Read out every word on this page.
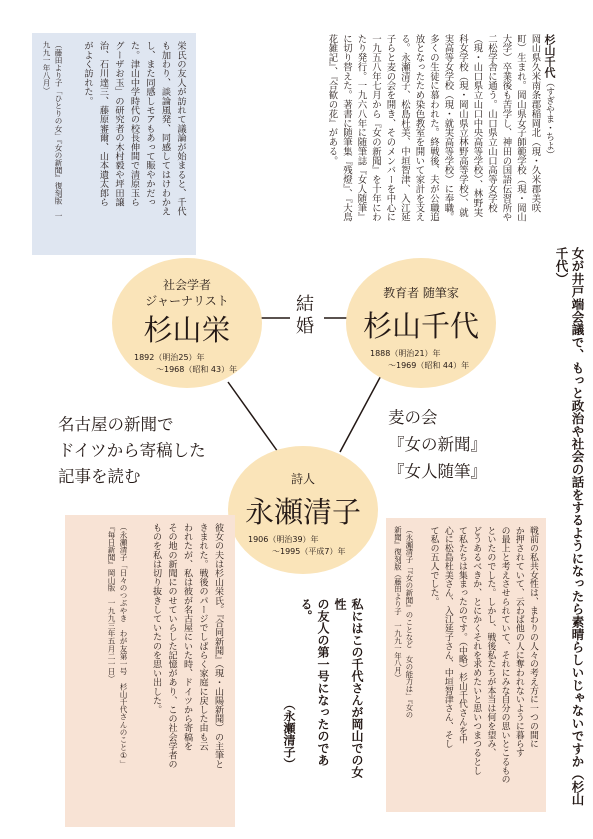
女が井戸端会議で、もっと政治や社会の話をするようになったら素晴らしいじゃないですか（杉山千代）
杉山千代（すぎやま・ちよ）
岡山県久米南条郡稲岡北（現・久米郡美咲
町）生まれ。岡山県女子師範学校（現・岡山
大学）卒業後も苦学し、神田の国語伝習所や
二松学舎に通う。山口県立山口高等女学校
（現・山口県立山口中央高等学校）、林野実
科女学校（現・岡山県立林野高等学校）、就
実高等女学校（現・就実高等学校）に奉職。
多くの生徒に慕われた。終戦後、夫が公職追
放となったため染色教室を開いて家計を支え
る。永瀬清子、松島杜美、中垣智津、入江延
子らと麦の会を開き、そのメンバーを中心に
一九五八年七月から『女の新聞』を十年にわ
たり発行。一九六八年に随筆誌『女人随筆』
に切り替えた。著書に随筆集『残燈』、『大鳥
花雑記』、『合歓の花』がある。
栄氏の友人が訪れて議論が始まると、千代
も加わり、談論風発、同感してはけわかえ
し、また同感しモアもあって賑やかだっ
た。津山中学時代の校長伸間で清原玉ら
グーザお玉」の研究者の木村毅や坪田譲
治、石川達三、藤原審爾、山本遺太郎ら
がよく訪れた。
（藤田より子「ひとりの女」『女の新聞』復刻版　一
九九一年八月）
社会学者
ジャーナリスト
杉山栄
1892（明治25）年
～1968（昭和 43）年
結
婚
教育者 随筆家
杉山千代
1888（明治21）年
～1969（昭和 44）年
名古屋の新聞で
ドイツから寄稿した
記事を読む
麦の会
『女の新聞』
『女人随筆』
詩人
永瀬清子
1906（明治39）年
～1995（平成7）年
彼女の夫は杉山栄氏。『合同新聞』（現・山陽新聞）の主筆と
きまれた。戦後のパージでしばらく家庭に戻した由も云
われたが、私は彼が名古屋にいた時、ドイツから寄稿を
その地の新聞にのせていらした記憶があり、この社会学者の
ものを私は切り抜きしていたのを思い出した。
（永瀬清子「日々のつぶやき　わが友第一号　杉山千代さんのこと①」
『毎日新聞』岡山版　一九九三年五月二一日）	私にはこの千代さんが岡山での女性
の友人の第一号になったのである。
（永瀬清子）	戦前の私共女性は、まわりの人々の考え方に一つの間に
か押されていて、云わば他の人に奪われないように暮らす
の最上と考えさせられていて、それにみな自分の思いとこるもの
といたのでした。しかし、戦後私たちが本当は何を望み、
どうあるべきか、とにかくそれを求めたいと思いつまつるとし
て私たちは集まったのです。（中略）杉山千代さんを中
心に松島杜美さん、入江延子さん、中垣智津さん、そし
て私の五人でした。
（永瀬清子「『女の新聞』のことなど　女の能力は」『女の
新聞』復刻版（藤田より子　一九九一年八月）
